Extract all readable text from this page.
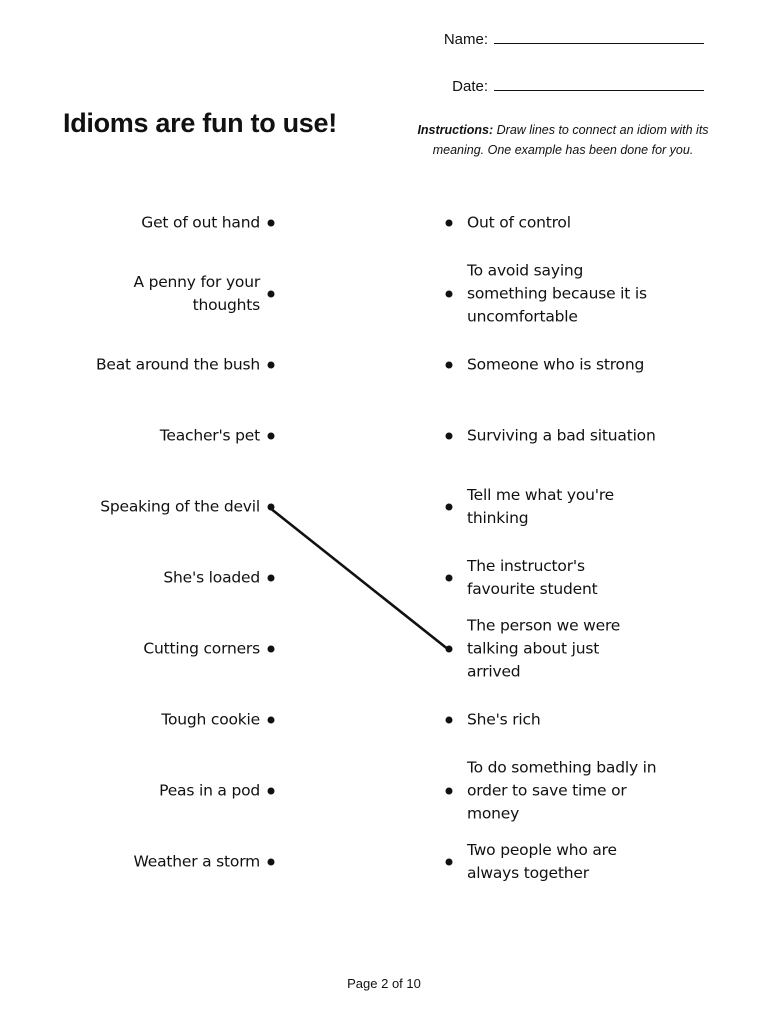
Name:
Date:
Idioms are fun to use!	Instructions: Draw lines to connect an idiom with its meaning. One example has been done for you.
Get of out hand
A penny for your thoughts
Beat around the bush
Teacher's pet
Speaking of the devil
She's loaded
Cutting corners
Tough cookie
Peas in a pod
Weather a storm
Out of control
To avoid saying something because it is uncomfortable
Someone who is strong
Surviving a bad situation
Tell me what you're thinking
The instructor's favourite student
The person we were talking about just arrived
She's rich
To do something badly in order to save time or money
Two people who are always together
Page 2 of 10
